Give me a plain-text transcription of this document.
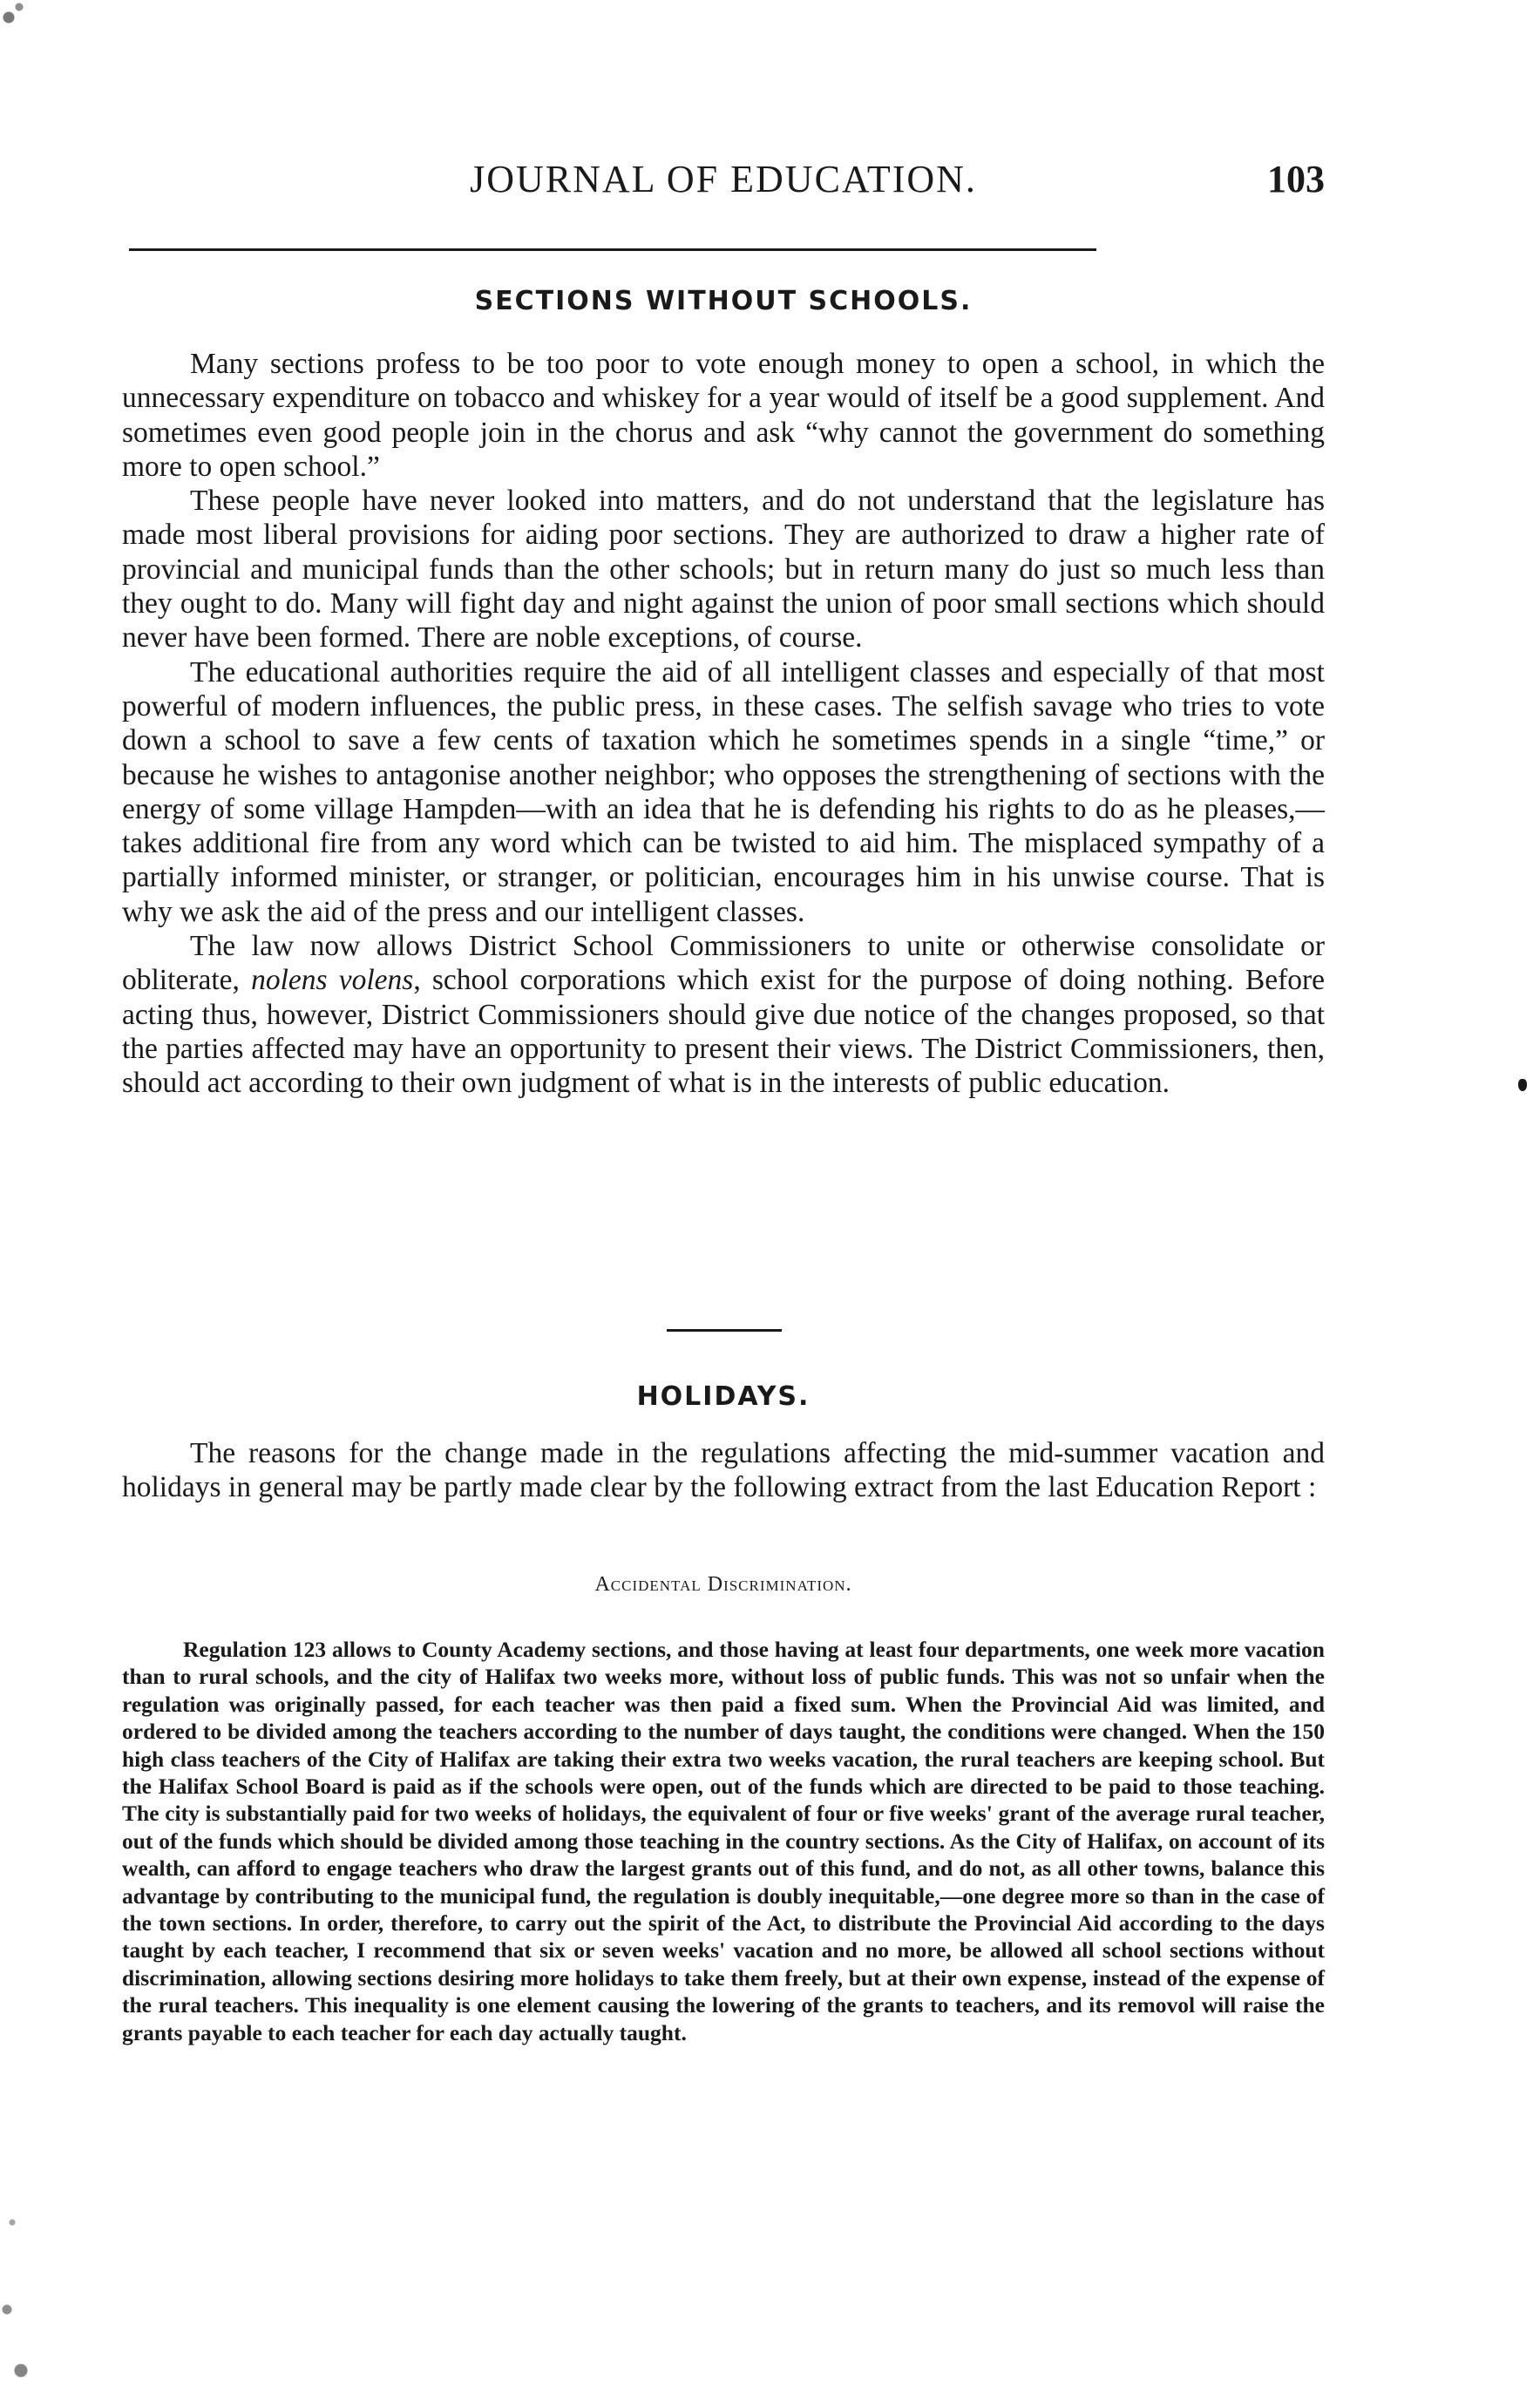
JOURNAL OF EDUCATION.	103
SECTIONS WITHOUT SCHOOLS.

Many sections profess to be too poor to vote enough money to open a school, in which the unnecessary expenditure on tobacco and whiskey for a year would of itself be a good supplement. And sometimes even good people join in the chorus and ask “why cannot the government do something more to open school.”

These people have never looked into matters, and do not understand that the legislature has made most liberal provisions for aiding poor sections. They are authorized to draw a higher rate of provincial and municipal funds than the other schools; but in return many do just so much less than they ought to do. Many will fight day and night against the union of poor small sections which should never have been formed. There are noble exceptions, of course.

The educational authorities require the aid of all intelligent classes and especially of that most powerful of modern influences, the public press, in these cases. The selfish savage who tries to vote down a school to save a few cents of taxation which he sometimes spends in a single “time,” or because he wishes to antagonise another neighbor; who opposes the strengthening of sections with the energy of some village Hampden—with an idea that he is defending his rights to do as he pleases,—takes additional fire from any word which can be twisted to aid him. The misplaced sympathy of a partially informed minister, or stranger, or politician, encourages him in his unwise course. That is why we ask the aid of the press and our intelligent classes.

The law now allows District School Commissioners to unite or otherwise consolidate or obliterate, nolens volens, school corporations which exist for the purpose of doing nothing. Before acting thus, however, District Commissioners should give due notice of the changes proposed, so that the parties affected may have an opportunity to present their views. The District Commissioners, then, should act according to their own judgment of what is in the interests of public education.

HOLIDAYS.

The reasons for the change made in the regulations affecting the mid-summer vacation and holidays in general may be partly made clear by the following extract from the last Education Report :

Accidental Discrimination.

Regulation 123 allows to County Academy sections, and those having at least four departments, one week more vacation than to rural schools, and the city of Halifax two weeks more, without loss of public funds. This was not so unfair when the regulation was originally passed, for each teacher was then paid a fixed sum. When the Provincial Aid was limited, and ordered to be divided among the teachers according to the number of days taught, the conditions were changed. When the 150 high class teachers of the City of Halifax are taking their extra two weeks vacation, the rural teachers are keeping school. But the Halifax School Board is paid as if the schools were open, out of the funds which are directed to be paid to those teaching. The city is substantially paid for two weeks of holidays, the equivalent of four or five weeks' grant of the average rural teacher, out of the funds which should be divided among those teaching in the country sections. As the City of Halifax, on account of its wealth, can afford to engage teachers who draw the largest grants out of this fund, and do not, as all other towns, balance this advantage by contributing to the municipal fund, the regulation is doubly inequitable,—one degree more so than in the case of the town sections. In order, therefore, to carry out the spirit of the Act, to distribute the Provincial Aid according to the days taught by each teacher, I recommend that six or seven weeks' vacation and no more, be allowed all school sections without discrimination, allowing sections desiring more holidays to take them freely, but at their own expense, instead of the expense of the rural teachers. This inequality is one element causing the lowering of the grants to teachers, and its removol will raise the grants payable to each teacher for each day actually taught.
